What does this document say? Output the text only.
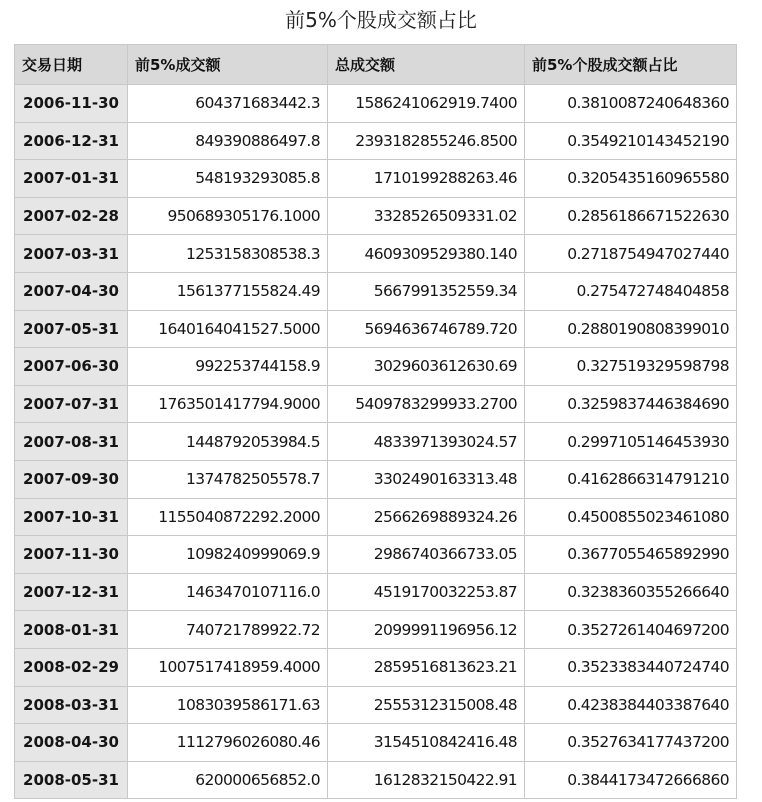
前5%个股成交额占比
交易日期	前5%成交额	总成交额	前5%个股成交额占比
2006-11-30	604371683442.3	1586241062919.7400	0.3810087240648360
2006-12-31	849390886497.8	2393182855246.8500	0.3549210143452190
2007-01-31	548193293085.8	1710199288263.46	0.3205435160965580
2007-02-28	950689305176.1000	3328526509331.02	0.2856186671522630
2007-03-31	1253158308538.3	4609309529380.140	0.2718754947027440
2007-04-30	1561377155824.49	5667991352559.34	0.275472748404858
2007-05-31	1640164041527.5000	5694636746789.720	0.2880190808399010
2007-06-30	992253744158.9	3029603612630.69	0.327519329598798
2007-07-31	1763501417794.9000	5409783299933.2700	0.3259837446384690
2007-08-31	1448792053984.5	4833971393024.57	0.2997105146453930
2007-09-30	1374782505578.7	3302490163313.48	0.4162866314791210
2007-10-31	1155040872292.2000	2566269889324.26	0.4500855023461080
2007-11-30	1098240999069.9	2986740366733.05	0.3677055465892990
2007-12-31	1463470107116.0	4519170032253.87	0.3238360355266640
2008-01-31	740721789922.72	2099991196956.12	0.3527261404697200
2008-02-29	1007517418959.4000	2859516813623.21	0.3523383440724740
2008-03-31	1083039586171.63	2555312315008.48	0.4238384403387640
2008-04-30	1112796026080.46	3154510842416.48	0.3527634177437200
2008-05-31	620000656852.0	1612832150422.91	0.3844173472666860
